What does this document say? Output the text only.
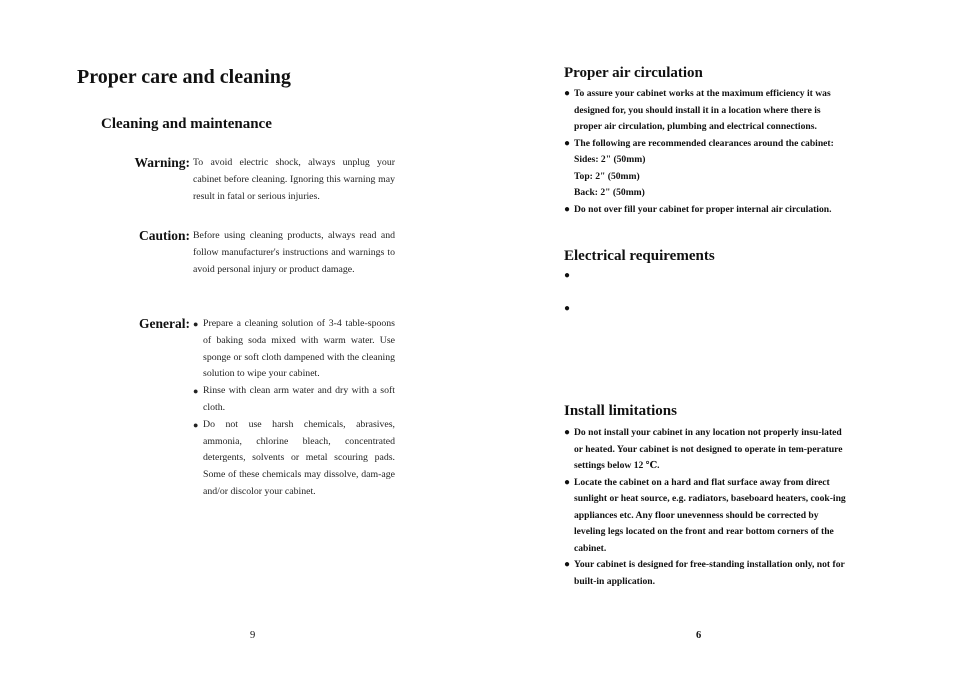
Proper care and cleaning
Cleaning and maintenance
Warning: To avoid electric shock, always unplug your cabinet before cleaning. Ignoring this warning may result in fatal or serious injuries.
Caution: Before using cleaning products, always read and follow manufacturer's instructions and warnings to avoid personal injury or product damage.
General: ● Prepare a cleaning solution of 3-4 table-spoons of baking soda mixed with warm water. Use sponge or soft cloth dampened with the cleaning solution to wipe your cabinet.
● Rinse with clean arm water and dry with a soft cloth.
● Do not use harsh chemicals, abrasives, ammonia, chlorine bleach, concentrated detergents, solvents or metal scouring pads. Some of these chemicals may dissolve, dam-age and/or discolor your cabinet.
9
Proper air circulation
● To assure your cabinet works at the maximum efficiency it was designed for, you should install it in a location where there is proper air circulation, plumbing and electrical connections.
● The following are recommended clearances around the cabinet:
Sides: 2" (50mm)
Top: 2" (50mm)
Back: 2" (50mm)
● Do not over fill your cabinet for proper internal air circulation.
Electrical requirements
●
●
Install limitations
● Do not install your cabinet in any location not properly insu-lated or heated. Your cabinet is not designed to operate in tem-perature settings below 12 ℃.
● Locate the cabinet on a hard and flat surface away from direct sunlight or heat source, e.g. radiators, baseboard heaters, cook-ing appliances etc. Any floor unevenness should be corrected by leveling legs located on the front and rear bottom corners of the cabinet.
● Your cabinet is designed for free-standing installation only, not for built-in application.
6
